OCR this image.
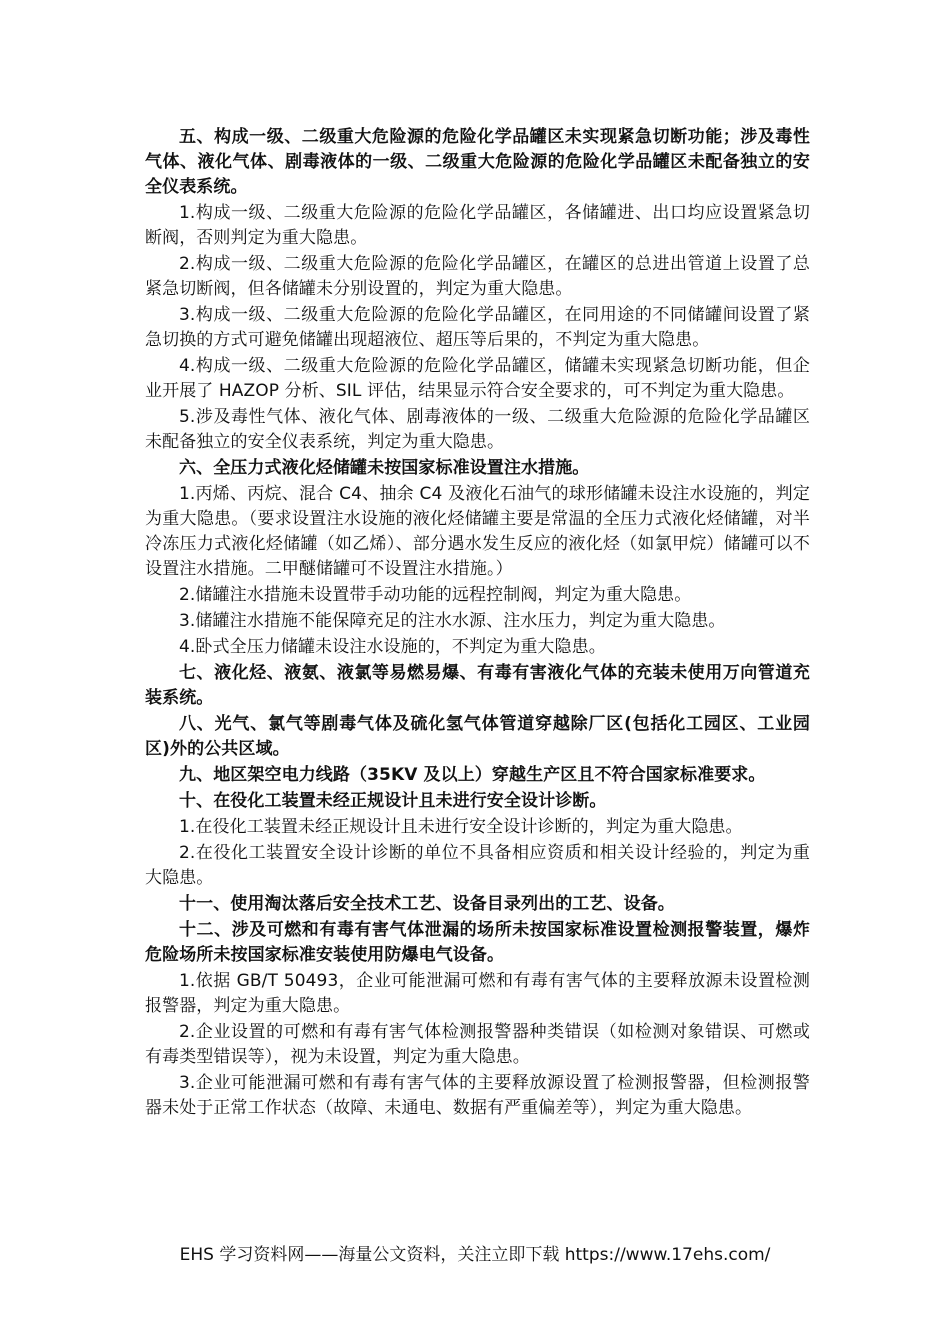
五、构成一级、二级重大危险源的危险化学品罐区未实现紧急切断功能；涉及毒性气体、液化气体、剧毒液体的一级、二级重大危险源的危险化学品罐区未配备独立的安全仪表系统。

1.构成一级、二级重大危险源的危险化学品罐区，各储罐进、出口均应设置紧急切断阀，否则判定为重大隐患。

2.构成一级、二级重大危险源的危险化学品罐区，在罐区的总进出管道上设置了总紧急切断阀，但各储罐未分别设置的，判定为重大隐患。

3.构成一级、二级重大危险源的危险化学品罐区，在同用途的不同储罐间设置了紧急切换的方式可避免储罐出现超液位、超压等后果的，不判定为重大隐患。

4.构成一级、二级重大危险源的危险化学品罐区，储罐未实现紧急切断功能，但企业开展了 HAZOP 分析、SIL 评估，结果显示符合安全要求的，可不判定为重大隐患。

5.涉及毒性气体、液化气体、剧毒液体的一级、二级重大危险源的危险化学品罐区未配备独立的安全仪表系统，判定为重大隐患。

六、全压力式液化烃储罐未按国家标准设置注水措施。

1.丙烯、丙烷、混合 C4、抽余 C4 及液化石油气的球形储罐未设注水设施的，判定为重大隐患。（要求设置注水设施的液化烃储罐主要是常温的全压力式液化烃储罐，对半冷冻压力式液化烃储罐（如乙烯）、部分遇水发生反应的液化烃（如氯甲烷）储罐可以不设置注水措施。二甲醚储罐可不设置注水措施。）

2.储罐注水措施未设置带手动功能的远程控制阀，判定为重大隐患。

3.储罐注水措施不能保障充足的注水水源、注水压力，判定为重大隐患。

4.卧式全压力储罐未设注水设施的，不判定为重大隐患。

七、液化烃、液氨、液氯等易燃易爆、有毒有害液化气体的充装未使用万向管道充装系统。

八、光气、氯气等剧毒气体及硫化氢气体管道穿越除厂区(包括化工园区、工业园区)外的公共区域。

九、地区架空电力线路（35KV 及以上）穿越生产区且不符合国家标准要求。

十、在役化工装置未经正规设计且未进行安全设计诊断。

1.在役化工装置未经正规设计且未进行安全设计诊断的，判定为重大隐患。

2.在役化工装置安全设计诊断的单位不具备相应资质和相关设计经验的，判定为重大隐患。

十一、使用淘汰落后安全技术工艺、设备目录列出的工艺、设备。

十二、涉及可燃和有毒有害气体泄漏的场所未按国家标准设置检测报警装置，爆炸危险场所未按国家标准安装使用防爆电气设备。

1.依据 GB/T 50493，企业可能泄漏可燃和有毒有害气体的主要释放源未设置检测报警器，判定为重大隐患。

2.企业设置的可燃和有毒有害气体检测报警器种类错误（如检测对象错误、可燃或有毒类型错误等），视为未设置，判定为重大隐患。

3.企业可能泄漏可燃和有毒有害气体的主要释放源设置了检测报警器，但检测报警器未处于正常工作状态（故障、未通电、数据有严重偏差等），判定为重大隐患。

EHS 学习资料网——海量公文资料，关注立即下载 https://www.17ehs.com/
